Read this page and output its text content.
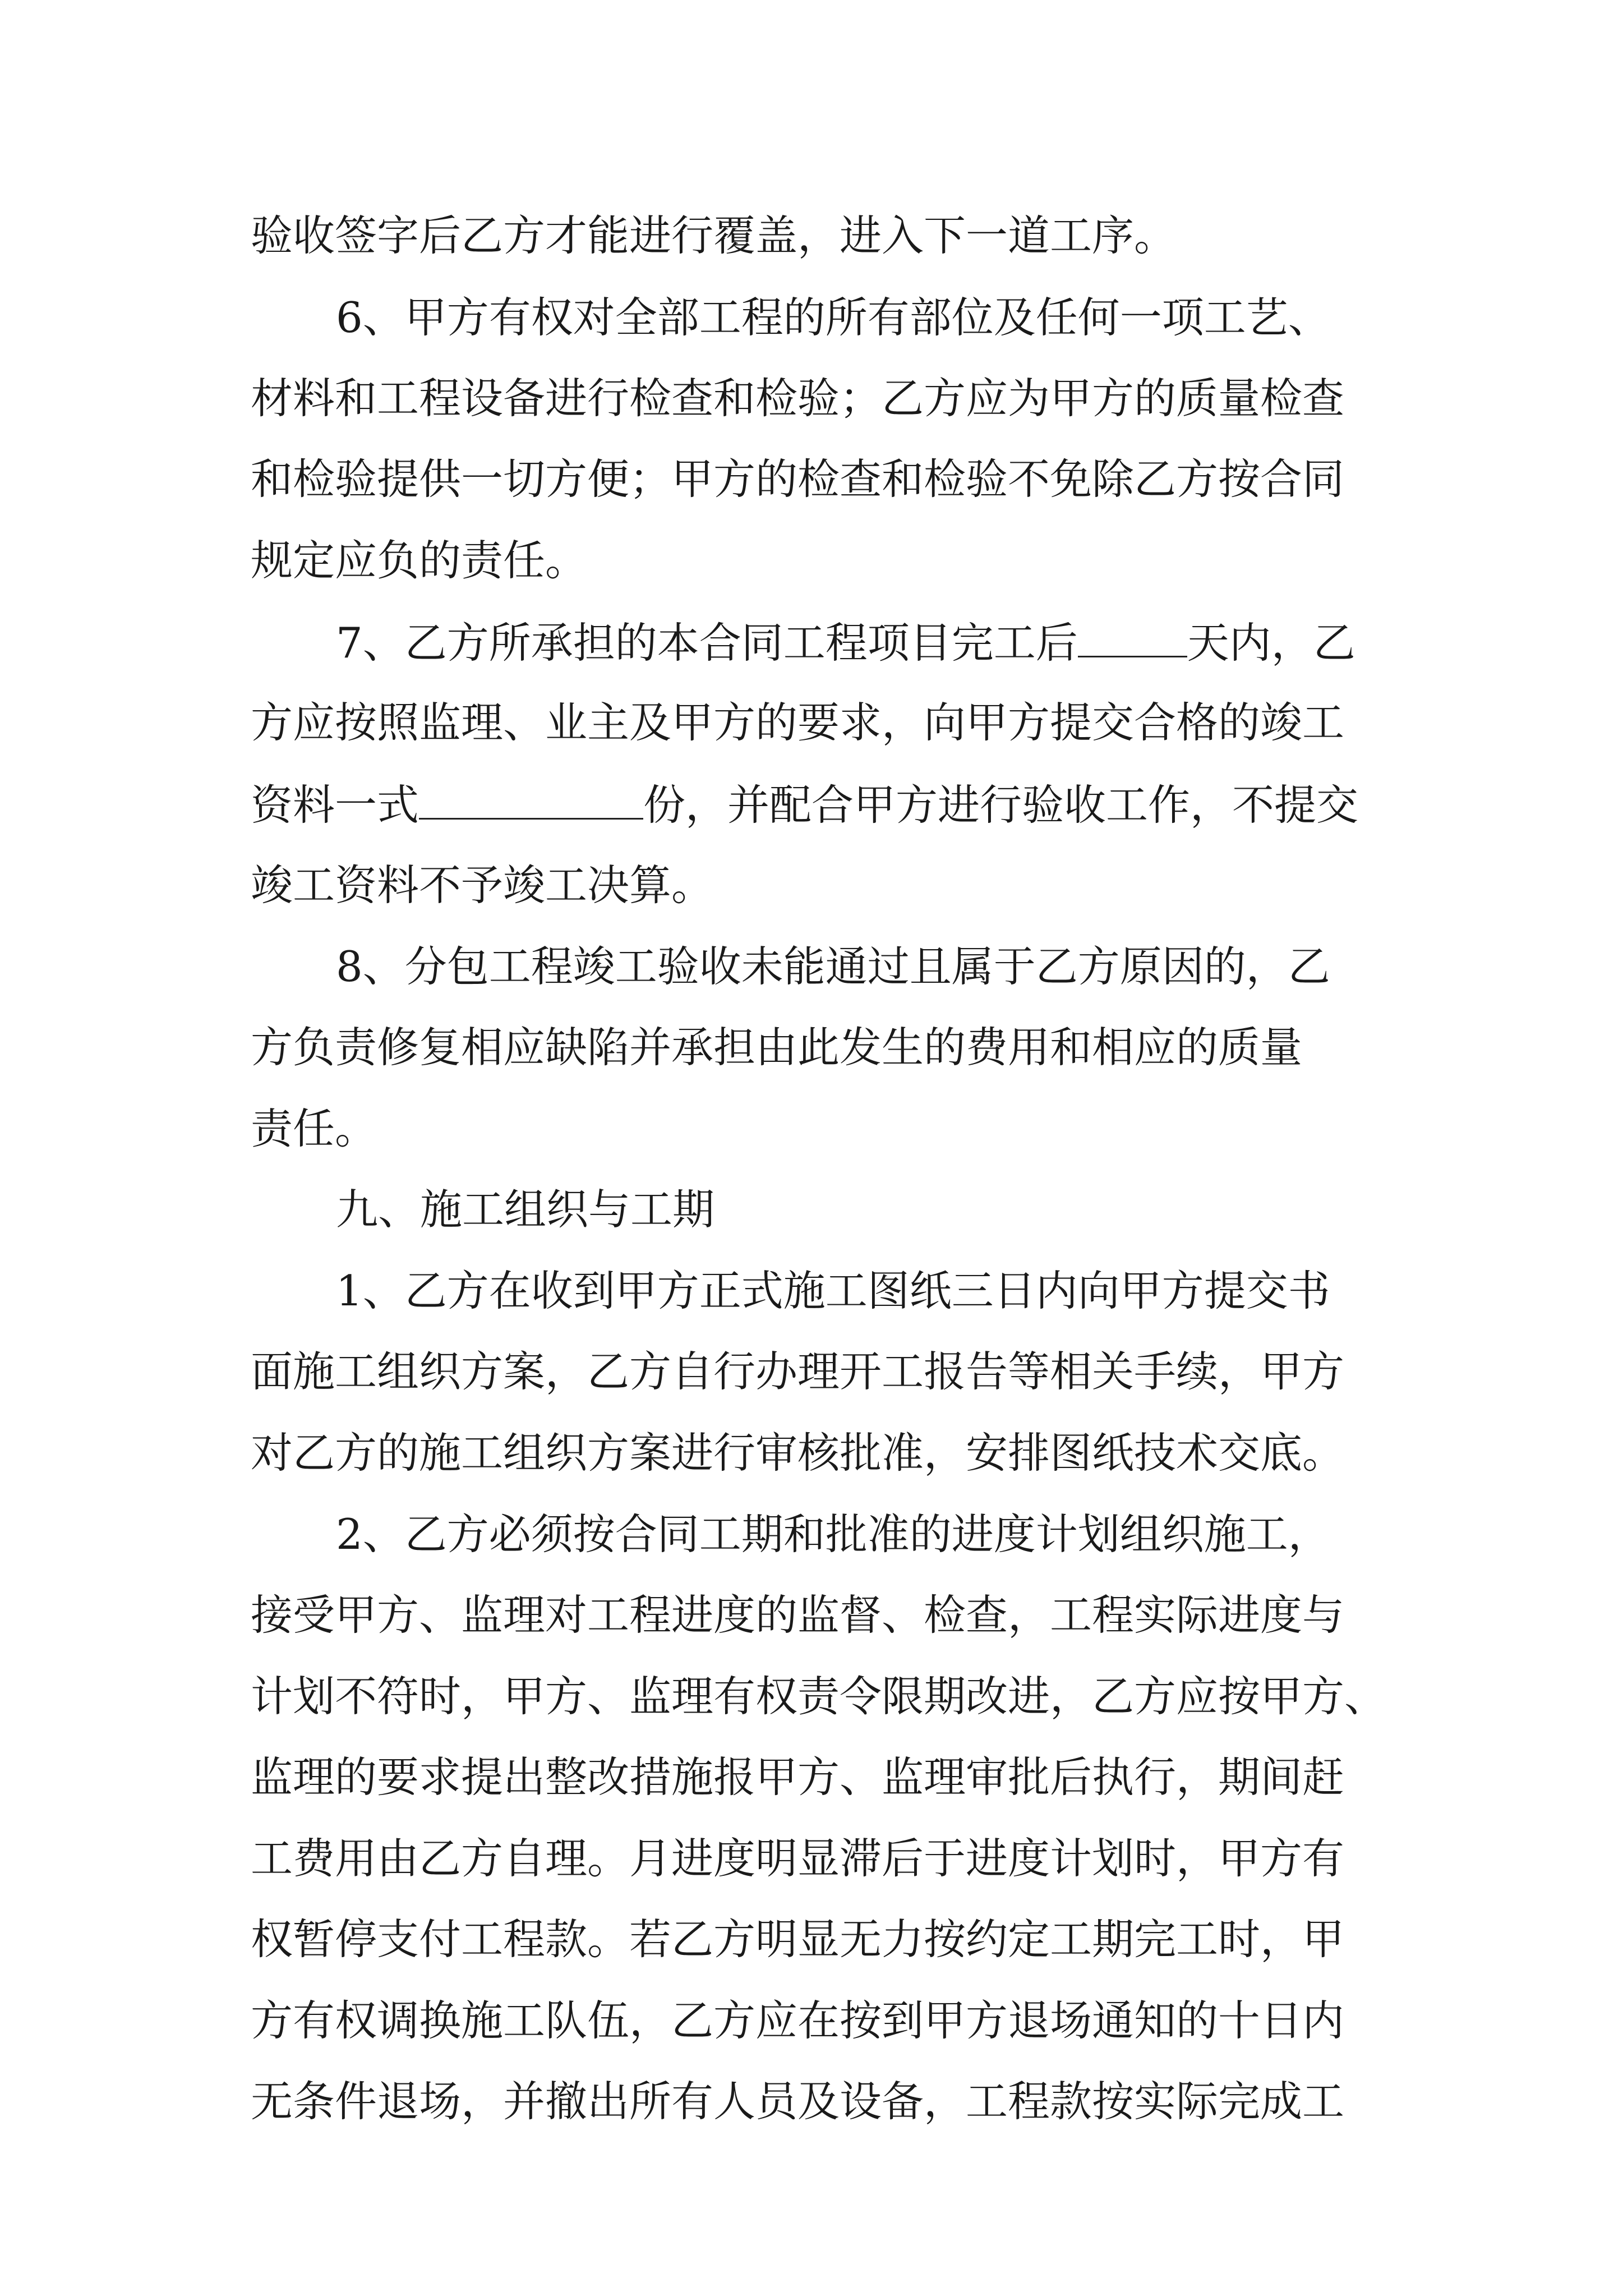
验收签字后乙方才能进行覆盖，进入下一道工序。
6、甲方有权对全部工程的所有部位及任何一项工艺、
材料和工程设备进行检查和检验；乙方应为甲方的质量检查
和检验提供一切方便；甲方的检查和检验不免除乙方按合同
规定应负的责任。
7、乙方所承担的本合同工程项目完工后	天内，乙
方应按照监理、业主及甲方的要求，向甲方提交合格的竣工
资料一式	份，并配合甲方进行验收工作，不提交
竣工资料不予竣工决算。
8、分包工程竣工验收未能通过且属于乙方原因的，乙
方负责修复相应缺陷并承担由此发生的费用和相应的质量
责任。
九、施工组织与工期
1、乙方在收到甲方正式施工图纸三日内向甲方提交书
面施工组织方案，乙方自行办理开工报告等相关手续，甲方
对乙方的施工组织方案进行审核批准，安排图纸技术交底。
2、乙方必须按合同工期和批准的进度计划组织施工，
接受甲方、监理对工程进度的监督、检查，工程实际进度与
计划不符时，甲方、监理有权责令限期改进，乙方应按甲方、
监理的要求提出整改措施报甲方、监理审批后执行，期间赶
工费用由乙方自理。月进度明显滞后于进度计划时，甲方有
权暂停支付工程款。若乙方明显无力按约定工期完工时，甲
方有权调换施工队伍，乙方应在按到甲方退场通知的十日内
无条件退场，并撤出所有人员及设备，工程款按实际完成工
